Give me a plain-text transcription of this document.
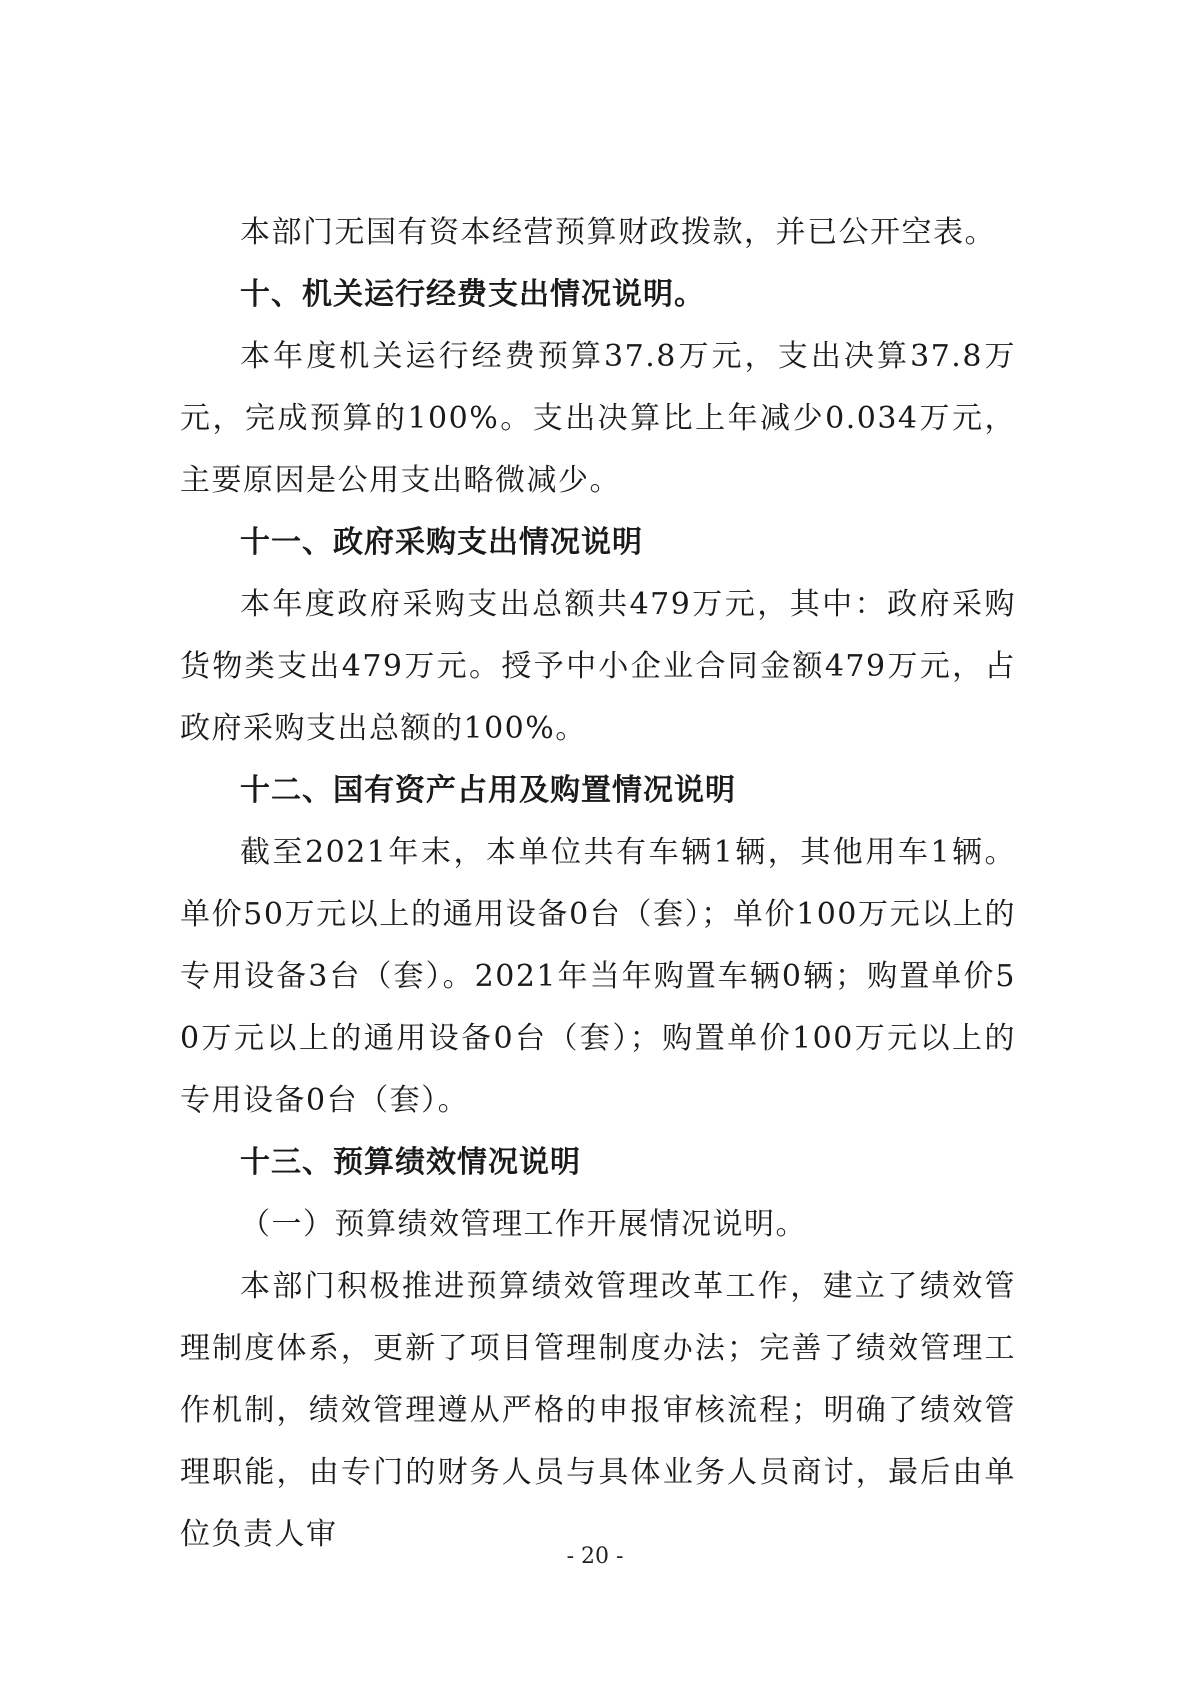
本部门无国有资本经营预算财政拨款，并已公开空表。

十、机关运行经费支出情况说明。

本年度机关运行经费预算37.8万元，支出决算37.8万元，完成预算的100%。支出决算比上年减少0.034万元，主要原因是公用支出略微减少。

十一、政府采购支出情况说明

本年度政府采购支出总额共479万元，其中：政府采购货物类支出479万元。授予中小企业合同金额479万元，占政府采购支出总额的100%。

十二、国有资产占用及购置情况说明

截至2021年末，本单位共有车辆1辆，其他用车1辆。单价50万元以上的通用设备0台（套）；单价100万元以上的专用设备3台（套）。2021年当年购置车辆0辆；购置单价50万元以上的通用设备0台（套）；购置单价100万元以上的专用设备0台（套）。

十三、预算绩效情况说明

（一）预算绩效管理工作开展情况说明。

本部门积极推进预算绩效管理改革工作，建立了绩效管理制度体系，更新了项目管理制度办法；完善了绩效管理工作机制，绩效管理遵从严格的申报审核流程；明确了绩效管理职能，由专门的财务人员与具体业务人员商讨，最后由单位负责人审

- 20 -
